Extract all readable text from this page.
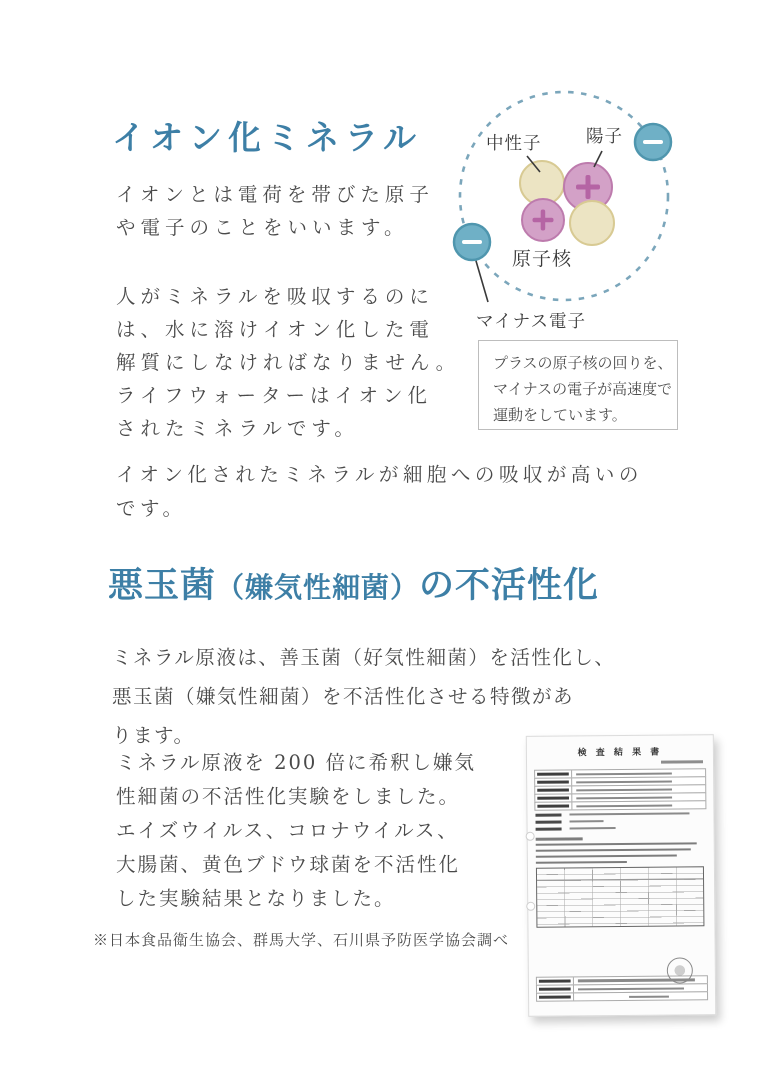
イオン化ミネラル
イオンとは電荷を帯びた原子
や電子のことをいいます。
人がミネラルを吸収するのに
は、水に溶けイオン化した電
解質にしなければなりません。
ライフウォーターはイオン化
されたミネラルです。
イオン化されたミネラルが細胞への吸収が高いの
です。
中性子	陽子
原子核
マイナス電子
プラスの原子核の回りを、
マイナスの電子が高速度で
運動をしています。
悪玉菌（嫌気性細菌）の不活性化
ミネラル原液は、善玉菌（好気性細菌）を活性化し、
悪玉菌（嫌気性細菌）を不活性化させる特徴があ
ります。
ミネラル原液を 200 倍に希釈し嫌気
性細菌の不活性化実験をしました。
エイズウイルス、コロナウイルス、
大腸菌、黄色ブドウ球菌を不活性化
した実験結果となりました。
※日本食品衛生協会、群馬大学、石川県予防医学協会調べ
検 査 結 果 書
